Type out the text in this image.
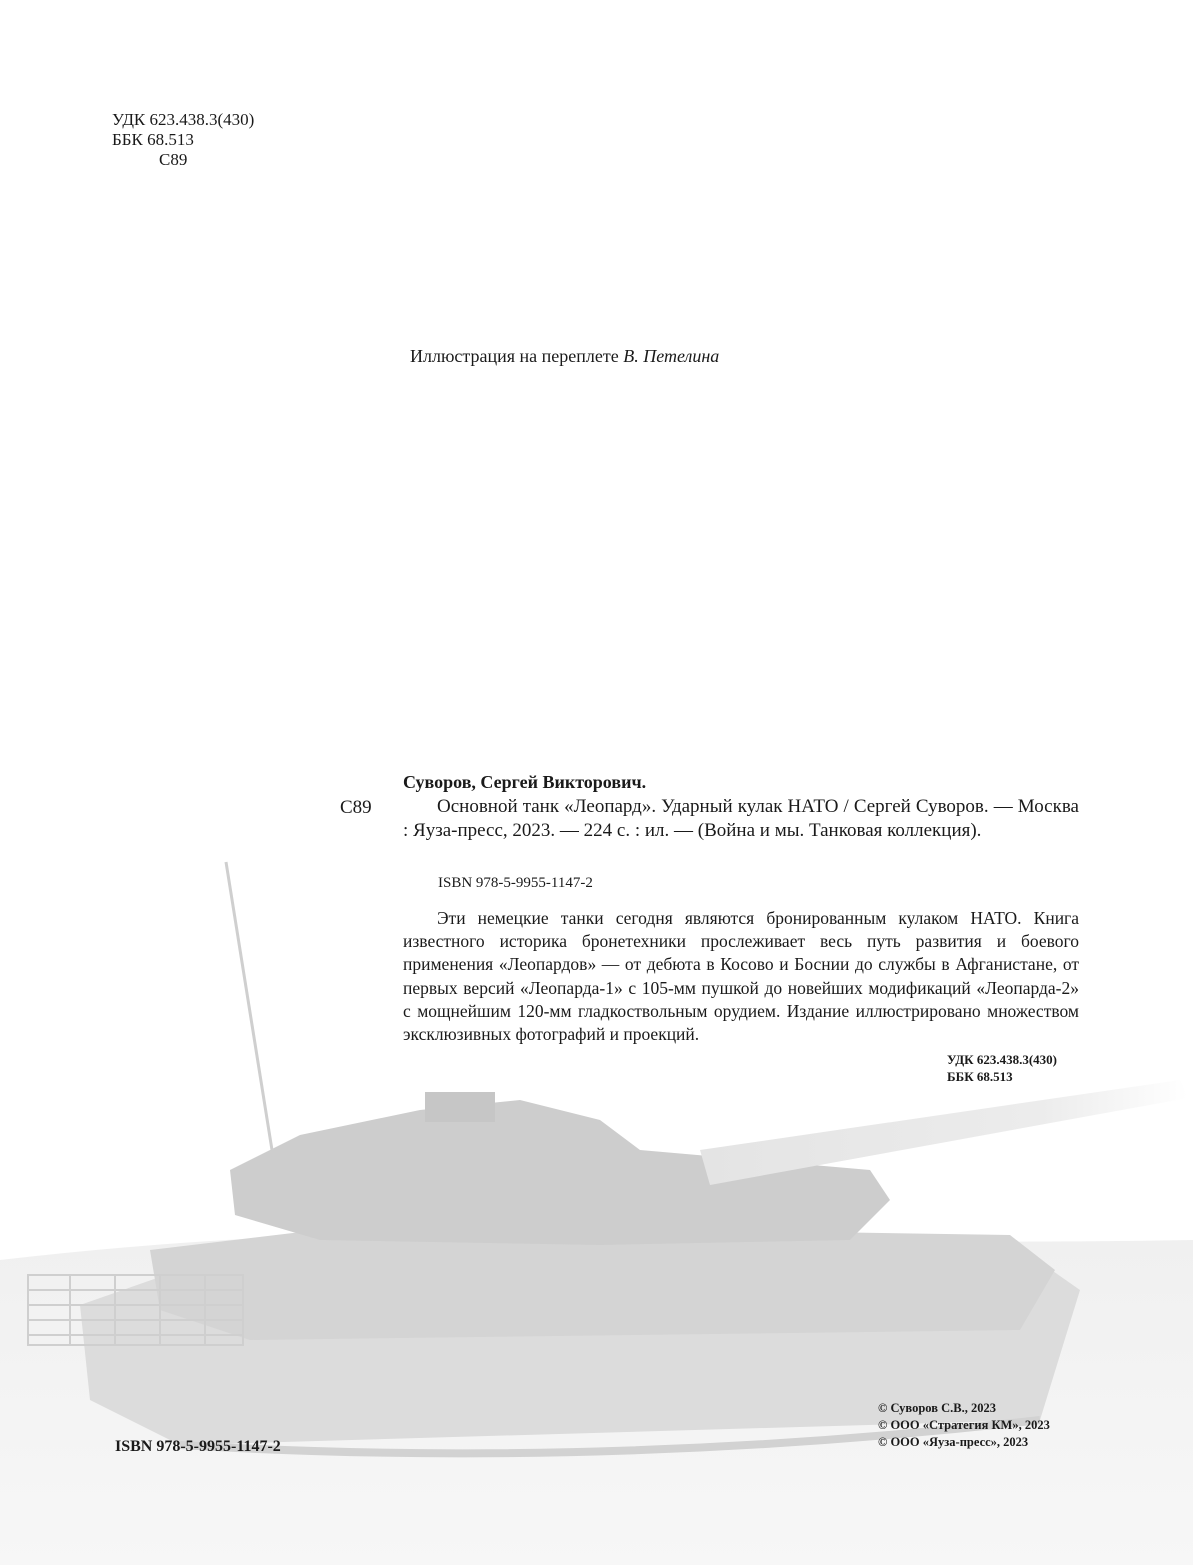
УДК 623.438.3(430)
ББК 68.513
С89
Иллюстрация на переплете В. Петелина
Суворов, Сергей Викторович.
С89	Основной танк «Леопард». Ударный кулак НАТО / Сергей Суворов. — Москва : Яуза-пресс, 2023. — 224 с. : ил. — (Война и мы. Танковая коллекция).
ISBN 978-5-9955-1147-2
Эти немецкие танки сегодня являются бронированным кулаком НАТО. Книга известного историка бронетехники прослеживает весь путь развития и боевого применения «Леопардов» — от дебюта в Косово и Боснии до службы в Афганистане, от первых версий «Леопарда-1» с 105-мм пушкой до новейших модификаций «Леопарда-2» с мощнейшим 120-мм гладкоствольным орудием. Издание иллюстрировано множеством эксклюзивных фотографий и проекций.
УДК 623.438.3(430)
ББК 68.513
© Суворов С.В., 2023
© ООО «Стратегия КМ», 2023
© ООО «Яуза-пресс», 2023
ISBN 978-5-9955-1147-2
